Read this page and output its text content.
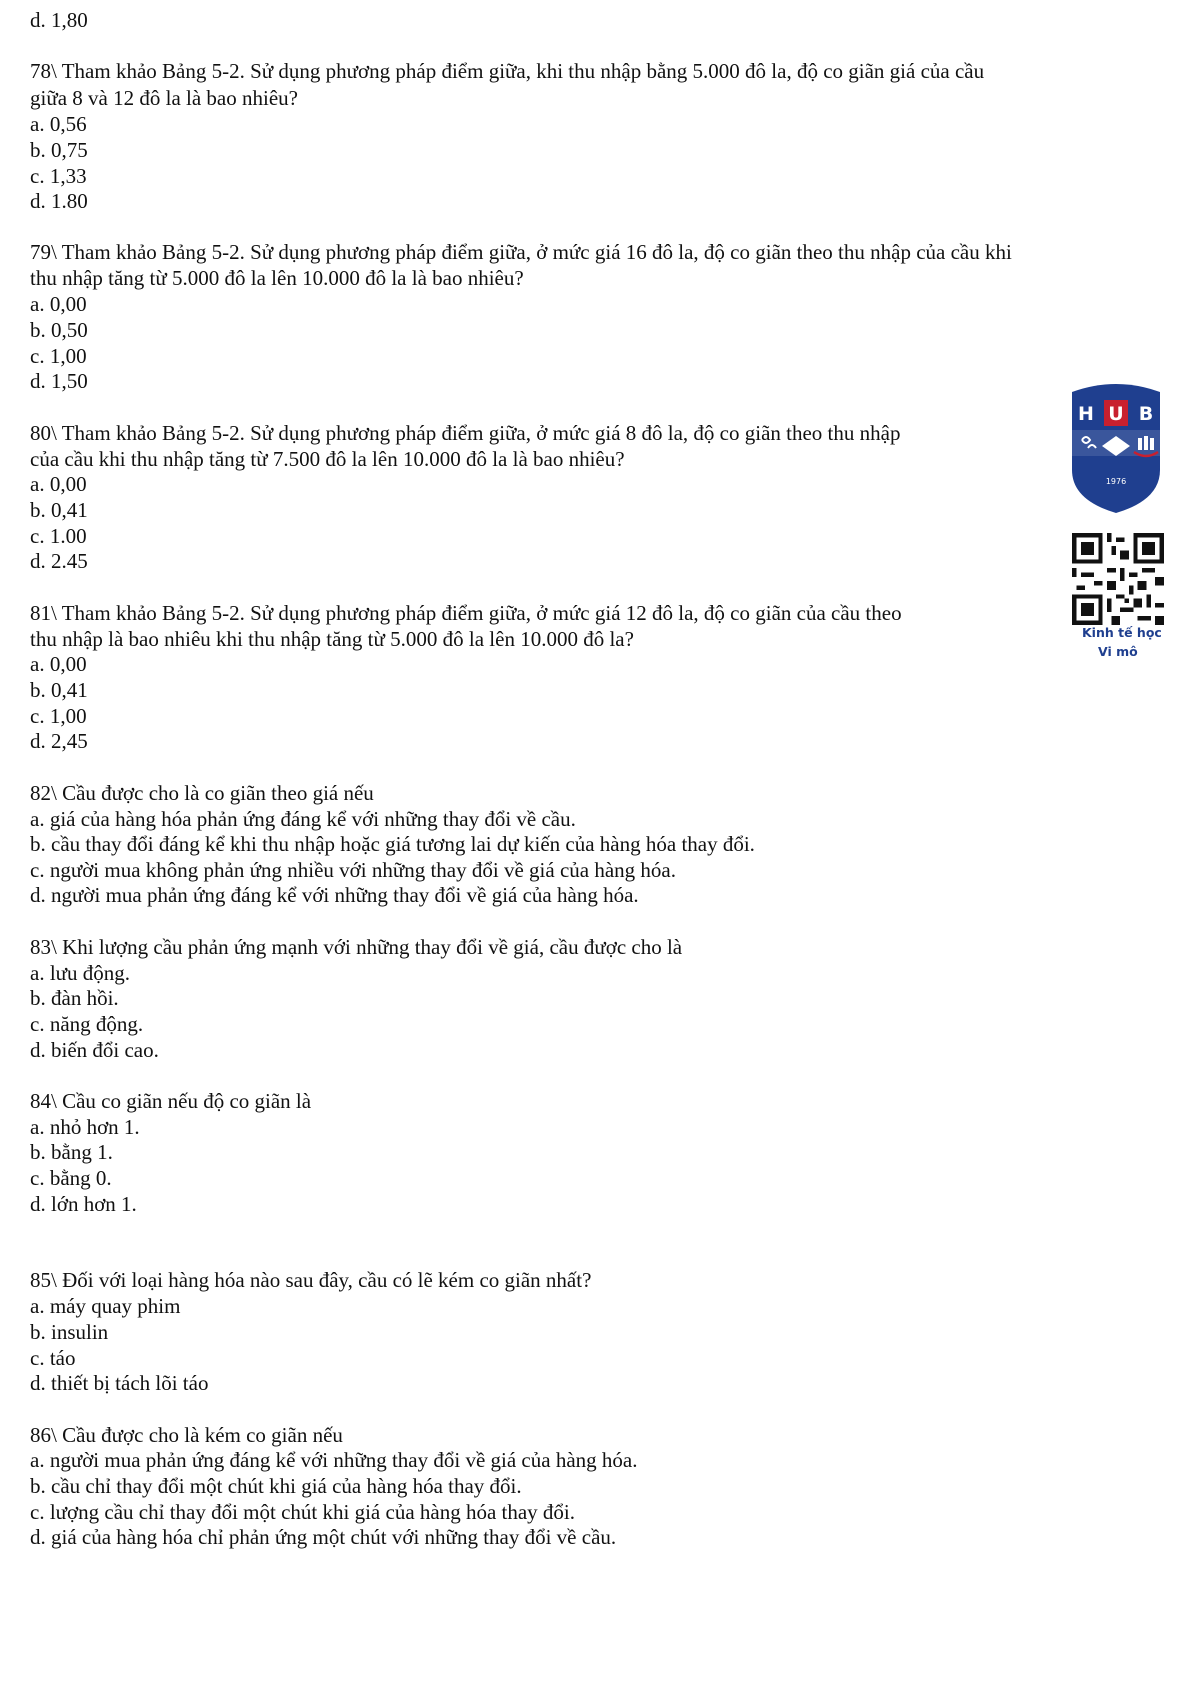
d. 1,80
78\ Tham khảo Bảng 5-2. Sử dụng phương pháp điểm giữa, khi thu nhập bằng 5.000 đô la, độ co giãn giá của cầu
giữa 8 và 12 đô la là bao nhiêu?
a. 0,56
b. 0,75
c. 1,33
d. 1.80
79\ Tham khảo Bảng 5-2. Sử dụng phương pháp điểm giữa, ở mức giá 16 đô la, độ co giãn theo thu nhập của cầu khi
thu nhập tăng từ 5.000 đô la lên 10.000 đô la là bao nhiêu?
a. 0,00
b. 0,50
c. 1,00
d. 1,50
80\ Tham khảo Bảng 5-2. Sử dụng phương pháp điểm giữa, ở mức giá 8 đô la, độ co giãn theo thu nhập
của cầu khi thu nhập tăng từ 7.500 đô la lên 10.000 đô la là bao nhiêu?
a. 0,00
b. 0,41
c. 1.00
d. 2.45
81\ Tham khảo Bảng 5-2. Sử dụng phương pháp điểm giữa, ở mức giá 12 đô la, độ co giãn của cầu theo
thu nhập là bao nhiêu khi thu nhập tăng từ 5.000 đô la lên 10.000 đô la?
a. 0,00
b. 0,41
c. 1,00
d. 2,45
82\ Cầu được cho là co giãn theo giá nếu
a. giá của hàng hóa phản ứng đáng kể với những thay đổi về cầu.
b. cầu thay đổi đáng kể khi thu nhập hoặc giá tương lai dự kiến của hàng hóa thay đổi.
c. người mua không phản ứng nhiều với những thay đổi về giá của hàng hóa.
d. người mua phản ứng đáng kể với những thay đổi về giá của hàng hóa.
83\ Khi lượng cầu phản ứng mạnh với những thay đổi về giá, cầu được cho là
a. lưu động.
b. đàn hồi.
c. năng động.
d. biến đổi cao.
84\ Cầu co giãn nếu độ co giãn là
a. nhỏ hơn 1.
b. bằng 1.
c. bằng 0.
d. lớn hơn 1.
85\ Đối với loại hàng hóa nào sau đây, cầu có lẽ kém co giãn nhất?
a. máy quay phim
b. insulin
c. táo
d. thiết bị tách lõi táo
86\ Cầu được cho là kém co giãn nếu
a. người mua phản ứng đáng kể với những thay đổi về giá của hàng hóa.
b. cầu chỉ thay đổi một chút khi giá của hàng hóa thay đổi.
c. lượng cầu chỉ thay đổi một chút khi giá của hàng hóa thay đổi.
d. giá của hàng hóa chỉ phản ứng một chút với những thay đổi về cầu.
H U B
1976
Kinh tế học
Vi mô
